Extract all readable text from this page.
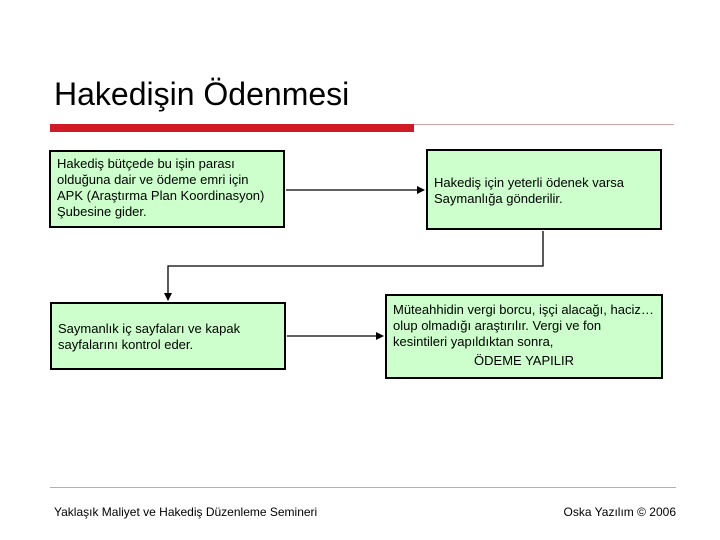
Hakedişin Ödenmesi
Hakediş bütçede bu işin parası olduğuna dair ve ödeme emri için APK (Araştırma Plan Koordinasyon) Şubesine gider.
Hakediş için yeterli ödenek varsa Saymanlığa gönderilir.
Saymanlık iç sayfaları ve kapak sayfalarını kontrol eder.
Müteahhidin vergi borcu, işçi alacağı, haciz… olup olmadığı araştırılır. Vergi ve fon kesintileri yapıldıktan sonra,
ÖDEME YAPILIR
Yaklaşık Maliyet ve Hakediş Düzenleme Semineri	Oska Yazılım © 2006
